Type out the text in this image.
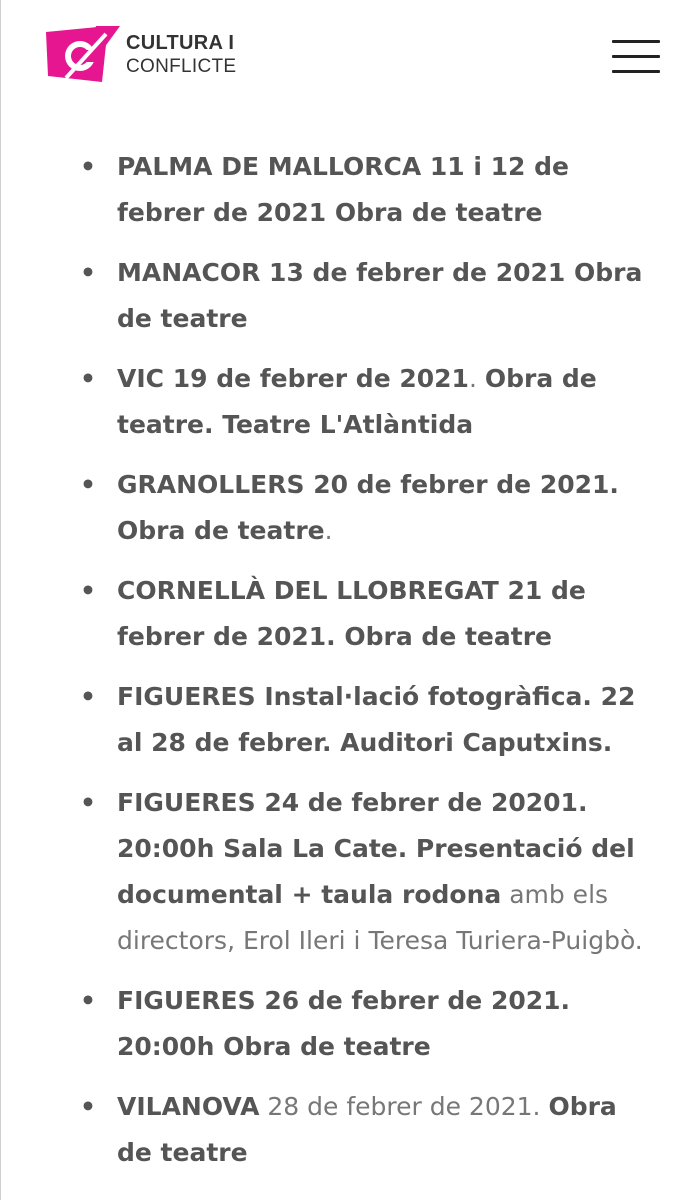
CULTURA I
CONFLICTE
• PALMA DE MALLORCA 11 i 12 de febrer de 2021 Obra de teatre
• MANACOR 13 de febrer de 2021 Obra de teatre
• VIC 19 de febrer de 2021. Obra de teatre. Teatre L'Atlàntida
• GRANOLLERS 20 de febrer de 2021. Obra de teatre.
• CORNELLÀ DEL LLOBREGAT 21 de febrer de 2021. Obra de teatre
• FIGUERES Instal·lació fotogràfica. 22 al 28 de febrer. Auditori Caputxins.
• FIGUERES 24 de febrer de 20201. 20:00h Sala La Cate. Presentació del documental + taula rodona amb els directors, Erol Ileri i Teresa Turiera-Puigbò.
• FIGUERES 26 de febrer de 2021. 20:00h Obra de teatre
• VILANOVA 28 de febrer de 2021. Obra de teatre
